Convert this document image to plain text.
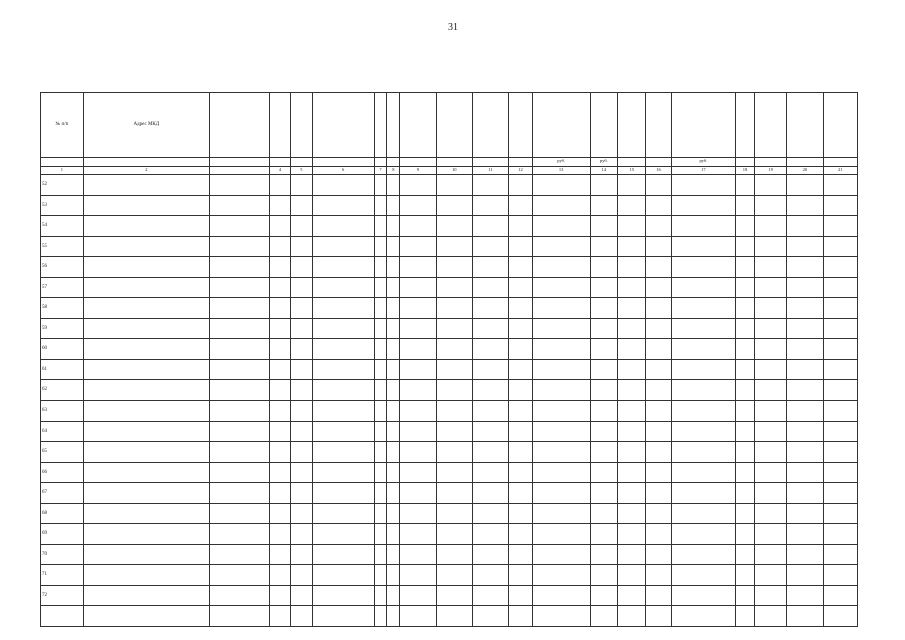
31
№ п/п	Адрес МКД																			
												руб.	руб.			руб.				
1	2		4	5	6	7	8	9	10	11	12	13	14	15	16	17	18	19	20	21
52																				
53																				
54																				
55																				
56																				
57																				
58																				
59																				
60																				
61																				
62																				
63																				
64																				
65																				
66																				
67																				
68																				
69																				
70																				
71																				
72																				
